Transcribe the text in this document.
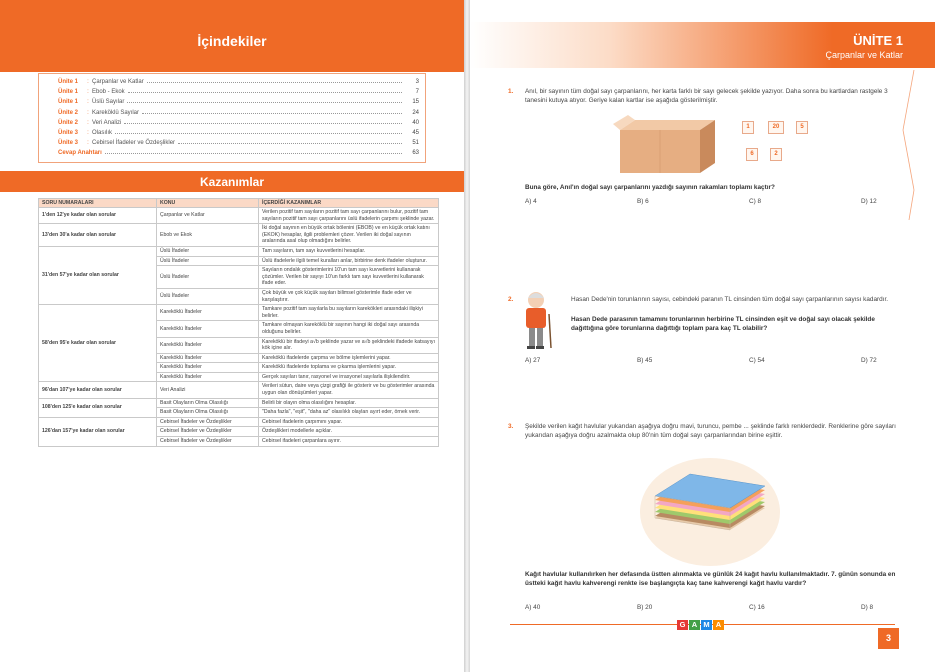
İçindekiler
Ünite 1	: Çarpanlar ve Katlar	3
Ünite 1	: Ebob - Ekok	7
Ünite 1	: Üslü Sayılar	15
Ünite 2	: Kareköklü Sayılar	24
Ünite 2	: Veri Analizi	40
Ünite 3	: Olasılık	45
Ünite 3	: Cebirsel İfadeler ve Özdeşlikler	51
Cevap Anahtarı	63
Kazanımlar
SORU NUMARALARI	KONU	İÇERDİĞİ KAZANIMLAR
1'den 12'ye kadar olan sorular	Çarpanlar ve Katlar	Verilen pozitif tam sayıların pozitif tam sayı çarpanlarını bulur, pozitif tam sayıların pozitif tam sayı çarpanlarını üslü ifadelerin çarpımı şeklinde yazar.
13'den 30'a kadar olan sorular	Ebob ve Ekok	İki doğal sayının en büyük ortak bölenini (EBOB) ve en küçük ortak katını (EKOK) hesaplar, ilgili problemleri çözer. Verilen iki doğal sayının aralarında asal olup olmadığını belirler.
31'den 57'ye kadar olan sorular	Üslü İfadeler	Tam sayıların, tam sayı kuvvetlerini hesaplar.
	Üslü İfadeler	Üslü ifadelerle ilgili temel kuralları anlar, birbirine denk ifadeler oluşturur.
	Üslü İfadeler	Sayıların ondalık gösterimlerini 10'un tam sayı kuvvetlerini kullanarak çözümler. Verilen bir sayıyı 10'un farklı tam sayı kuvvetlerini kullanarak ifade eder.
	Üslü İfadeler	Çok büyük ve çok küçük sayıları bilimsel gösterimle ifade eder ve karşılaştırır.
58'den 95'e kadar olan sorular	Kareköklü İfadeler	Tamkare pozitif tam sayılarla bu sayıların karekökleri arasındaki ilişkiyi belirler.
	Kareköklü İfadeler	Tamkare olmayan kareköklü bir sayının hangi iki doğal sayı arasında olduğunu belirler.
	Kareköklü İfadeler	Kareköklü bir ifadeyi a√b şeklinde yazar ve a√b şeklindeki ifadede katsayıyı kök içine alır.
	Kareköklü İfadeler	Kareköklü ifadelerde çarpma ve bölme işlemlerini yapar.
	Kareköklü İfadeler	Kareköklü ifadelerde toplama ve çıkarma işlemlerini yapar.
	Kareköklü İfadeler	Gerçek sayıları tanır, rasyonel ve irrasyonel sayılarla ilişkilendirir.
96'dan 107'ye kadar olan sorular	Veri Analizi	Verileri sütun, daire veya çizgi grafiği ile gösterir ve bu gösterimler arasında uygun olan dönüşümleri yapar.
108'den 125'e kadar olan sorular	Basit Olayların Olma Olasılığı	Belirli bir olayın olma olasılığını hesaplar.
	Basit Olayların Olma Olasılığı	"Daha fazla", "eşit", "daha az" olasılıklı olayları ayırt eder, örnek verir.
126'dan 157'ye kadar olan sorular	Cebirsel İfadeler ve Özdeşlikler	Cebirsel ifadelerin çarpımını yapar.
	Cebirsel İfadeler ve Özdeşlikler	Özdeşlikleri modellerle açıklar.
	Cebirsel İfadeler ve Özdeşlikler	Cebirsel ifadeleri çarpanlara ayırır.
ÜNİTE 1
Çarpanlar ve Katlar
1. Anıl, bir sayının tüm doğal sayı çarpanlarını, her karta farklı bir sayı gelecek şekilde yazıyor. Daha sonra bu kartlardan rastgele 3 tanesini kutuya atıyor. Geriye kalan kartlar ise aşağıda gösterilmiştir.
1	20	5
6	2
Buna göre, Anıl'ın doğal sayı çarpanlarını yazdığı sayının rakamları toplamı kaçtır?
A) 4	B) 6	C) 8	D) 12
2.	Hasan Dede'nin torunlarının sayısı, cebindeki paranın TL cinsinden tüm doğal sayı çarpanlarının sayısı kadardır.
Hasan Dede parasının tamamını torunlarının herbirine TL cinsinden eşit ve doğal sayı olacak şekilde dağıttığına göre torunlarına dağıttığı toplam para kaç TL olabilir?
A) 27	B) 45	C) 54	D) 72
3. Şekilde verilen kağıt havlular yukarıdan aşağıya doğru mavi, turuncu, pembe ... şeklinde farklı renklerdedir. Renklerine göre sayıları yukarıdan aşağıya doğru azalmakta olup 80'nin tüm doğal sayı çarpanlarından birine eşittir.
Kağıt havlular kullanılırken her defasında üstten alınmakta ve günlük 24 kağıt havlu kullanılmaktadır. 7. günün sonunda en üstteki kağıt havlu kahverengi renkte ise başlangıçta kaç tane kahverengi kağıt havlu vardır?
A) 40	B) 20	C) 16	D) 8
G A M A
3
